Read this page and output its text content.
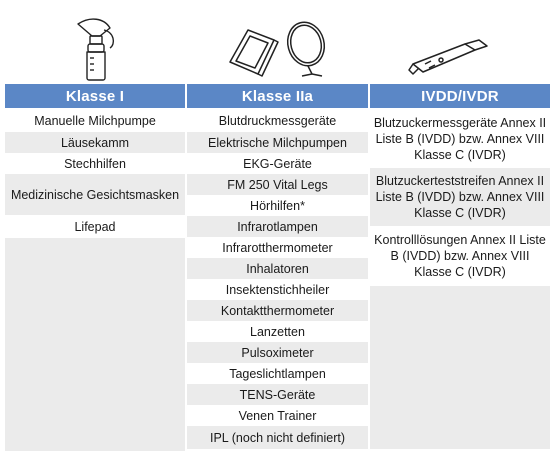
Klasse I
Manuelle Milchpumpe
Läusekamm
Stechhilfen
Medizinische Gesichtsmasken
Lifepad
Klasse IIa
Blutdruckmessgeräte
Elektrische Milchpumpen
EKG-Geräte
FM 250 Vital Legs
Hörhilfen*
Infrarotlampen
Infrarotthermometer
Inhalatoren
Insektenstichheiler
Kontaktthermometer
Lanzetten
Pulsoximeter
Tageslichtlampen
TENS-Geräte
Venen Trainer
IPL (noch nicht definiert)
IVDD/IVDR
Blutzuckermessgeräte Annex II Liste B (IVDD) bzw. Annex VIII Klasse C (IVDR)
Blutzuckerteststreifen Annex II Liste B (IVDD) bzw. Annex VIII Klasse C (IVDR)
Kontrolllösungen Annex II Liste B (IVDD) bzw. Annex VIII Klasse C (IVDR)
